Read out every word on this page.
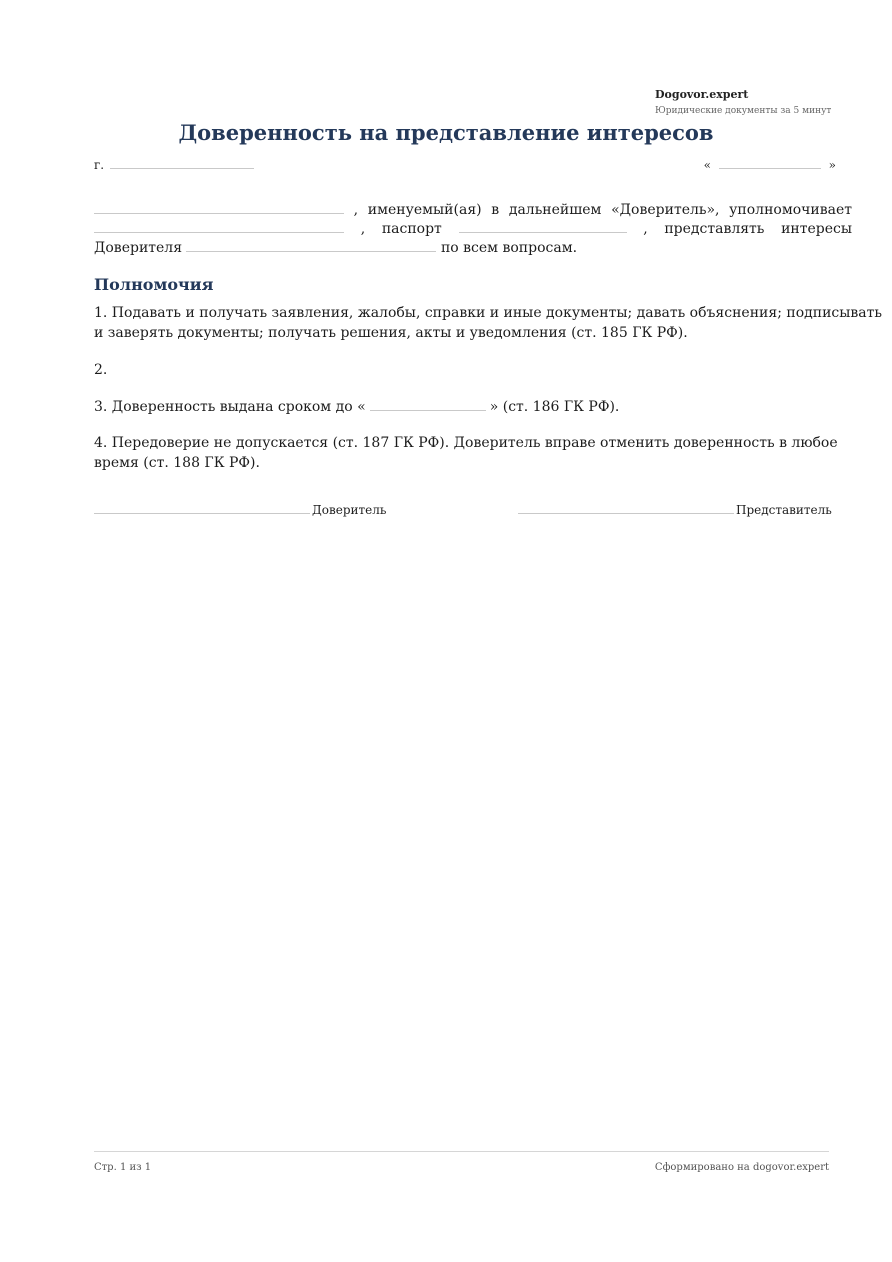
Dogovor.expert
Юридические документы за 5 минут
Доверенность на представление интересов
г.	«	»
, именуемый(ая) в дальнейшем «Доверитель», уполномочивает
, паспорт	, представлять интересы
Доверителя	по всем вопросам.
Полномочия
1. Подавать и получать заявления, жалобы, справки и иные документы; давать объяснения; подписывать и заверять документы; получать решения, акты и уведомления (ст. 185 ГК РФ).
2.
3. Доверенность выдана сроком до «	» (ст. 186 ГК РФ).
4. Передоверие не допускается (ст. 187 ГК РФ). Доверитель вправе отменить доверенность в любое время (ст. 188 ГК РФ).
Доверитель	Представитель
Стр. 1 из 1	Сформировано на dogovor.expert
